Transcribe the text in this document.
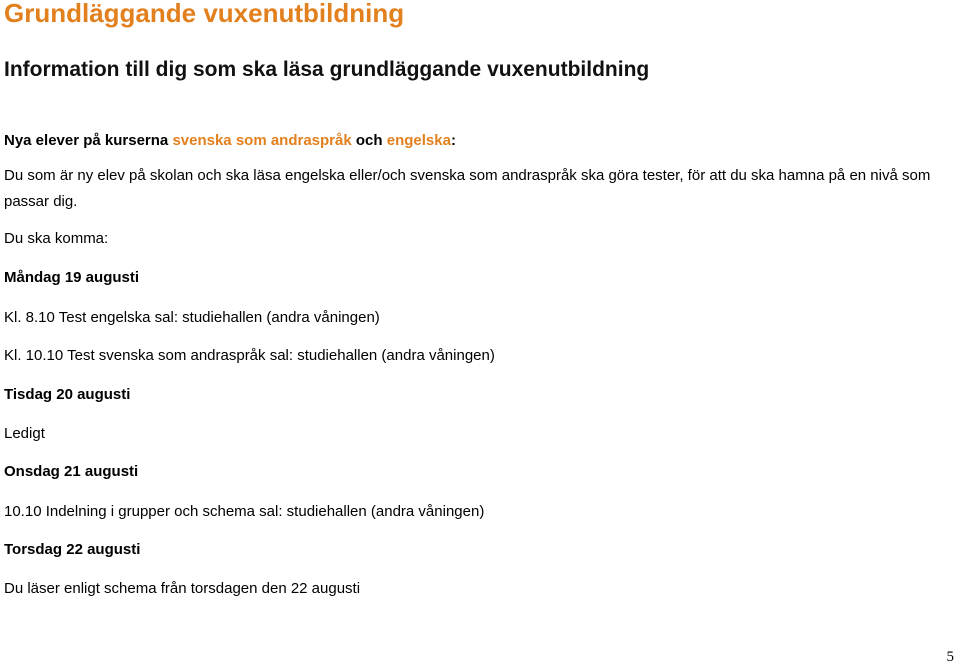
Grundläggande vuxenutbildning
Information till dig som ska läsa grundläggande vuxenutbildning
Nya elever på kurserna svenska som andraspråk och engelska:
Du som är ny elev på skolan och ska läsa engelska eller/och svenska som andraspråk ska göra tester, för att du ska hamna på en nivå som passar dig.
Du ska komma:
Måndag 19 augusti
Kl. 8.10 Test engelska sal: studiehallen (andra våningen)
Kl. 10.10 Test svenska som andraspråk sal: studiehallen (andra våningen)
Tisdag 20 augusti
Ledigt
Onsdag 21 augusti
10.10 Indelning i grupper och schema sal: studiehallen (andra våningen)
Torsdag 22 augusti
Du läser enligt schema från torsdagen den 22 augusti
5
